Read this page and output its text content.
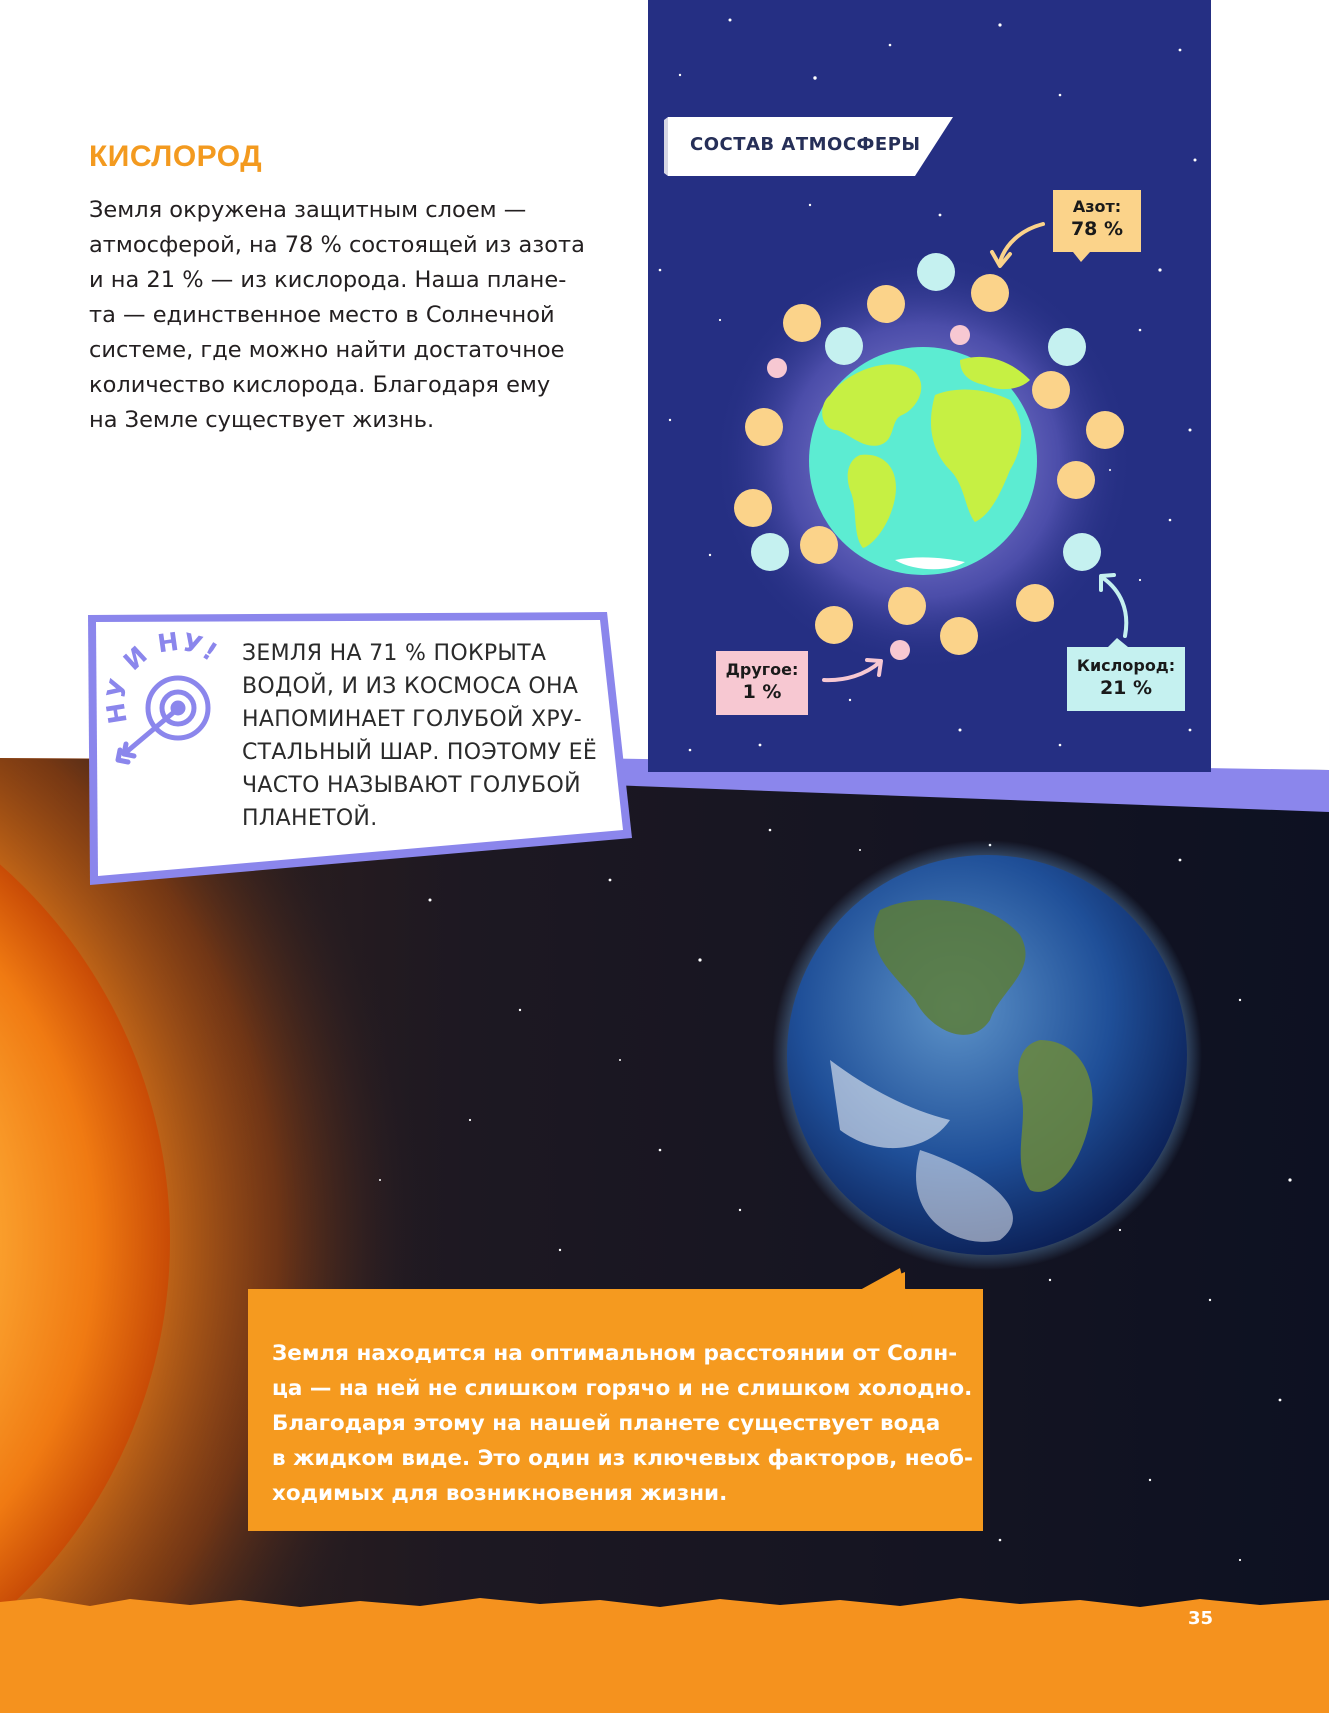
НУ И НУ!
КИСЛОРОД
Земля окружена защитным слоем —
атмосферой, на 78 % состоящей из азота
и на 21 % — из кислорода. Наша плане-
та — единственное место в Солнечной
системе, где можно найти достаточное
количество кислорода. Благодаря ему
на Земле существует жизнь.
СОСТАВ АТМОСФЕРЫ
Азот:
78 %
Кислород:
21 %
Другое:
1 %
ЗЕМЛЯ НА 71 % ПОКРЫТА
ВОДОЙ, И ИЗ КОСМОСА ОНА
НАПОМИНАЕТ ГОЛУБОЙ ХРУ-
СТАЛЬНЫЙ ШАР. ПОЭТОМУ ЕЁ
ЧАСТО НАЗЫВАЮТ ГОЛУБОЙ
ПЛАНЕТОЙ.
Земля находится на оптимальном расстоянии от Солн-
ца — на ней не слишком горячо и не слишком холодно.
Благодаря этому на нашей планете существует вода
в жидком виде. Это один из ключевых факторов, необ-
ходимых для возникновения жизни.
35
